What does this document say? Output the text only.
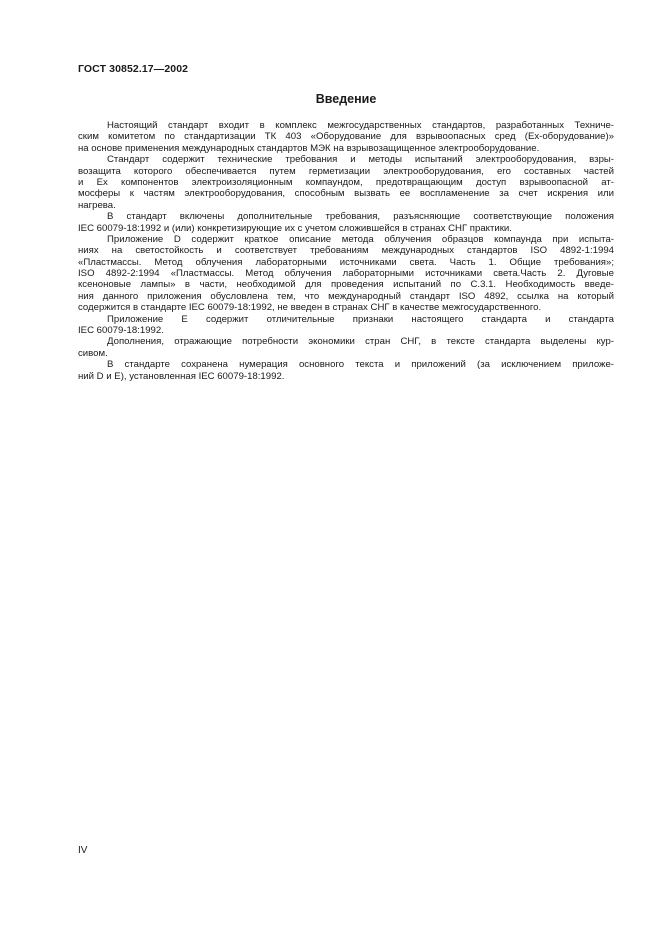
ГОСТ 30852.17—2002
Введение

Настоящий стандарт входит в комплекс межгосударственных стандартов, разработанных Техниче-
ским комитетом по стандартизации ТК 403 «Оборудование для взрывоопасных сред (Ех-оборудование)»
на основе применения международных стандартов МЭК на взрывозащищенное электрооборудование.

Стандарт содержит технические требования и методы испытаний электрооборудования, взры-
возащита которого обеспечивается путем герметизации электрооборудования, его составных частей
и Ех компонентов электроизоляционным компаундом, предотвращающим доступ взрывоопасной ат-
мосферы к частям электрооборудования, способным вызвать ее воспламенение за счет искрения или
нагрева.

В стандарт включены дополнительные требования, разъясняющие соответствующие положения
IEC 60079-18:1992 и (или) конкретизирующие их с учетом сложившейся в странах СНГ практики.

Приложение D содержит краткое описание метода облучения образцов компаунда при испыта-
ниях на светостойкость и соответствует требованиям международных стандартов ISO 4892-1:1994
«Пластмассы. Метод облучения лабораторными источниками света. Часть 1. Общие требования»;
ISO 4892-2:1994 «Пластмассы. Метод облучения лабораторными источниками света.Часть 2. Дуговые
ксеноновые лампы» в части, необходимой для проведения испытаний по С.3.1. Необходимость введе-
ния данного приложения обусловлена тем, что международный стандарт ISO 4892, ссылка на который
содержится в стандарте IEC 60079-18:1992, не введен в странах СНГ в качестве межгосударственного.

Приложение Е содержит отличительные признаки настоящего стандарта и стандарта
IEC 60079-18:1992.

Дополнения, отражающие потребности экономики стран СНГ, в тексте стандарта выделены кур-
сивом.

В стандарте сохранена нумерация основного текста и приложений (за исключением приложе-
ний D и Е), установленная IEC 60079-18:1992.

IV
